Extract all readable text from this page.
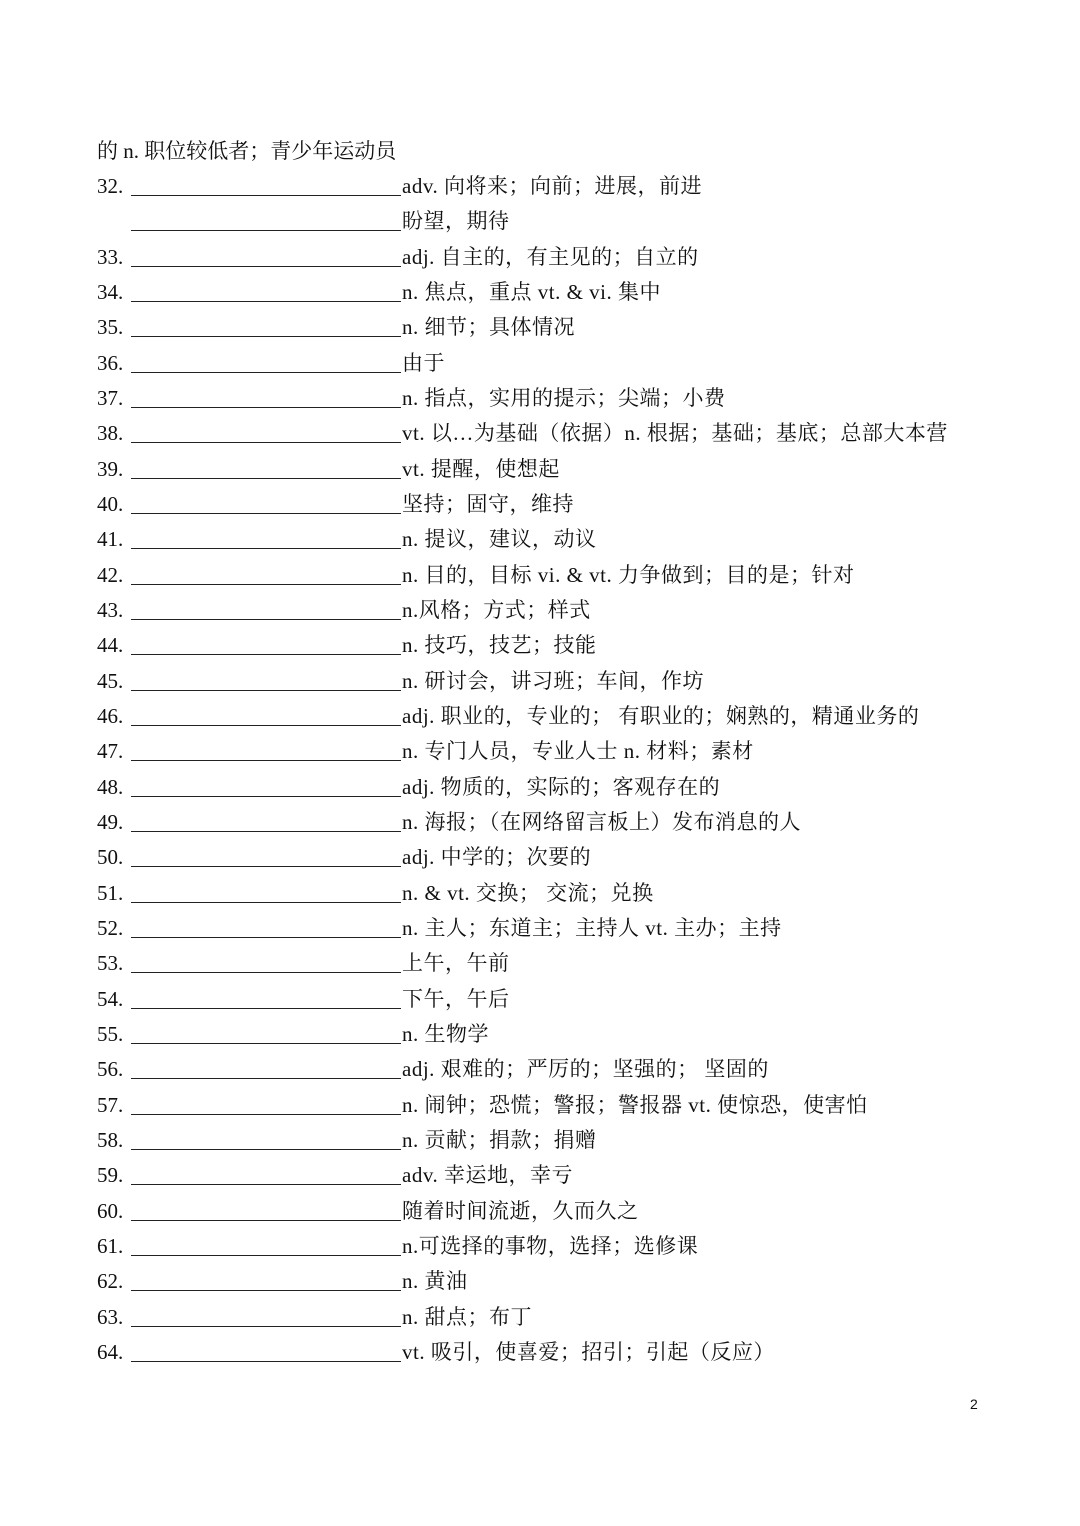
的 n. 职位较低者；青少年运动员
32.	adv. 向将来；向前；进展，前进
盼望，期待
33.	adj. 自主的，有主见的；自立的
34.	n. 焦点，重点 vt. & vi. 集中
35.	n. 细节；具体情况
36.	由于
37.	n. 指点，实用的提示；尖端；小费
38.	vt. 以…为基础（依据）n. 根据；基础；基底；总部大本营
39.	vt. 提醒，使想起
40.	坚持；固守，维持
41.	n. 提议，建议，动议
42.	n. 目的，目标 vi. & vt. 力争做到；目的是；针对
43.	n.风格；方式；样式
44.	n. 技巧，技艺；技能
45.	n. 研讨会，讲习班；车间，作坊
46.	adj. 职业的，专业的； 有职业的；娴熟的，精通业务的
47.	n. 专门人员，专业人士 n. 材料；素材
48.	adj. 物质的，实际的；客观存在的
49.	n. 海报；（在网络留言板上）发布消息的人
50.	adj. 中学的；次要的
51.	n. & vt. 交换； 交流；兑换
52.	n. 主人；东道主；主持人 vt. 主办；主持
53.	上午，午前
54.	下午，午后
55.	n. 生物学
56.	adj. 艰难的；严厉的；坚强的； 坚固的
57.	n. 闹钟；恐慌；警报；警报器 vt. 使惊恐，使害怕
58.	n. 贡献；捐款；捐赠
59.	adv. 幸运地，幸亏
60.	随着时间流逝，久而久之
61.	n.可选择的事物，选择；选修课
62.	n. 黄油
63.	n. 甜点；布丁
64.	vt. 吸引，使喜爱；招引；引起（反应）
2
